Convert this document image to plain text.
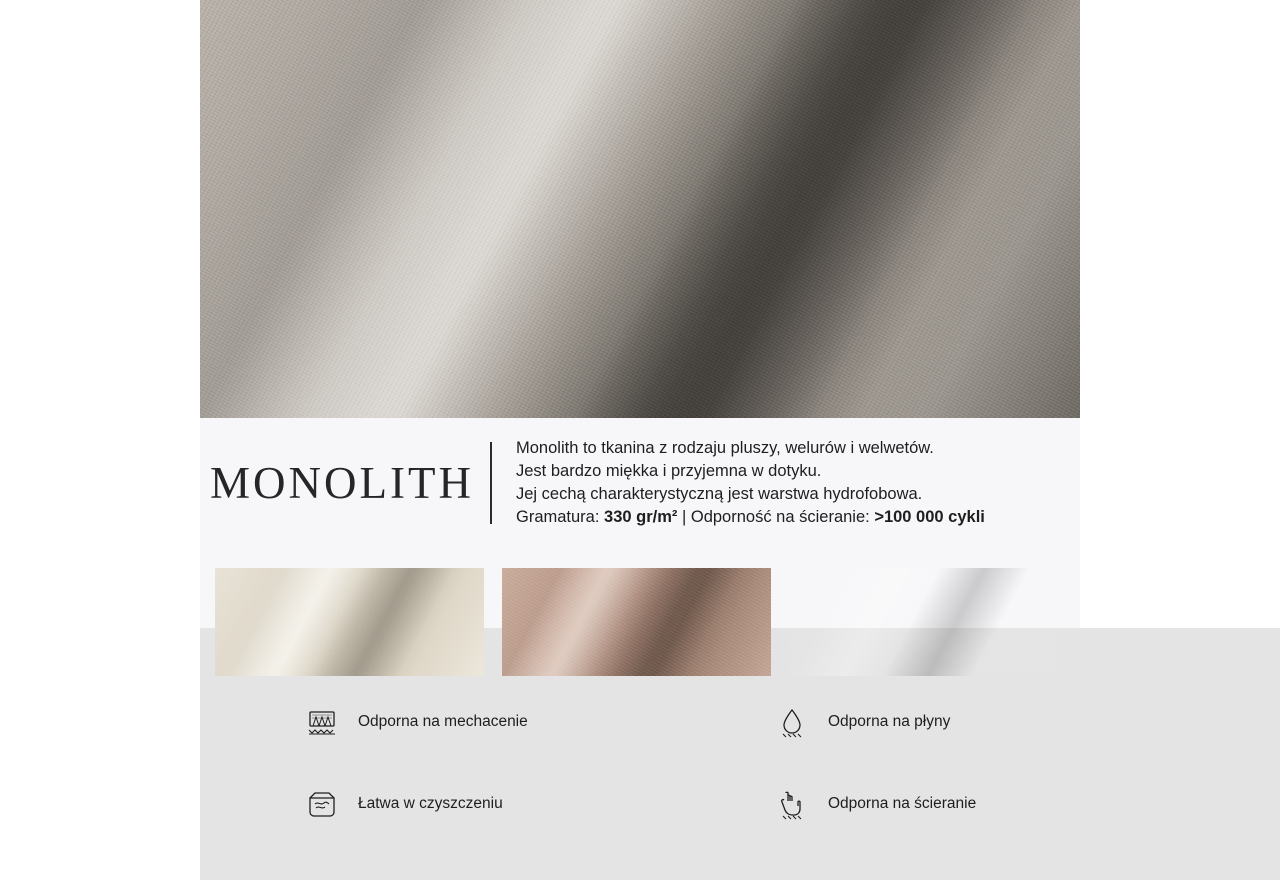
MONOLITH
Monolith to tkanina z rodzaju pluszy, welurów i welwetów.
Jest bardzo miękka i przyjemna w dotyku.
Jej cechą charakterystyczną jest warstwa hydrofobowa.
Gramatura: 330 gr/m² | Odporność na ścieranie: >100 000 cykli
Odporna na mechacenie	Odporna na płyny
Łatwa w czyszczeniu	Odporna na ścieranie
